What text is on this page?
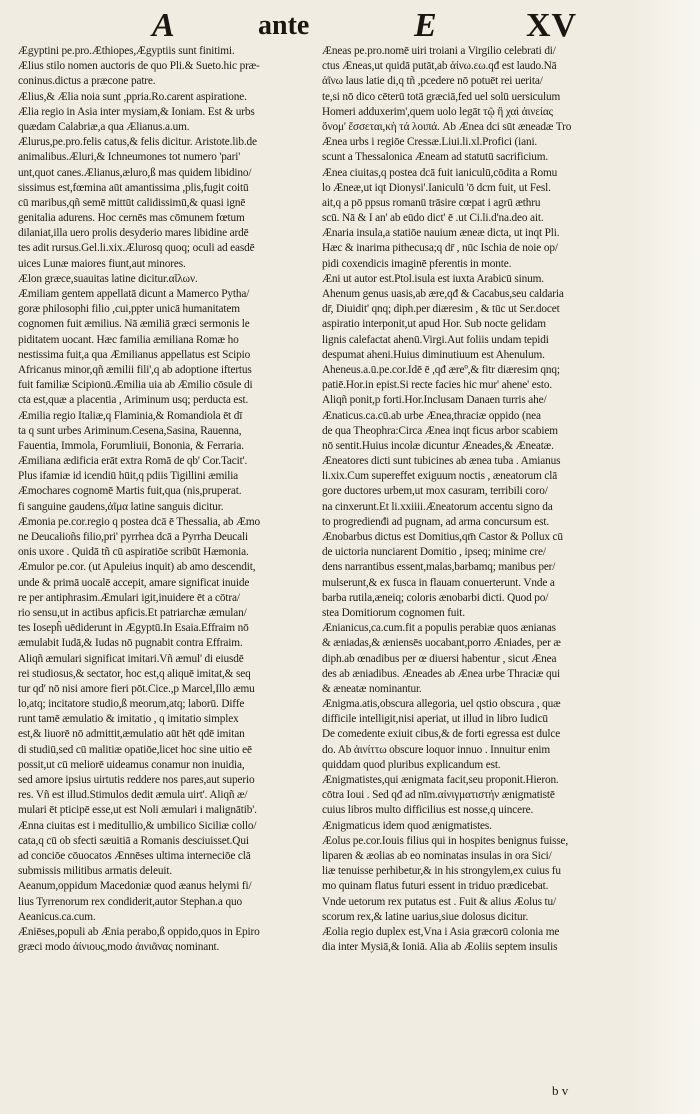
A	ante	E	XV
Ægyptini pe.pro.Æthiopes,Ægyptiis sunt finitimi.
Ælius stilo nomen auctoris de quo Pli.& Sueto.hic præ-
coninus.dictus a præcone patre.
Ælius,& Ælia noia sunt ,ppria.Ro.carent aspiratione.
Ælia regio in Asia inter mysiam,& Ioniam. Est & urbs
quædam Calabriæ,a qua Ælianus.a.um.
Ælurus,pe.pro.felis catus,& felis dicitur. Aristote.lib.de
animalibus.Æluri,& Ichneumones tot numero 'pari'
unt,quot canes.Ælianus,æluro,ß mas quidem libidino/
sissimus est,fœmina aūt amantissima ,plis,fugit coitū
cū maribus,qñ semē mittūt calidissimū,& quasi ignē
genitalia adurens. Hoc cernēs mas cōmunem fœtum
dilaniat,illa uero prolis desyderio mares libidine ardē
tes adit rursus.Gel.li.xix.Ælurosq quoq; oculi ad easdē
uices Lunæ maiores fiunt,aut minores.
Ælon græce,suauitas latine dicitur.αἴλων.
Æmiliam gentem appellatā dicunt a Mamerco Pytha/
goræ philosophi filio ,cui,ppter unicā humanitatem
cognomen fuit æmilius. Nā æmiliā græci sermonis le
piditatem uocant. Hæc familia æmiliana Romæ ho
nestissima fuit,a qua Æmilianus appellatus est Scipio
Africanus minor,qñ æmilii fili',q ab adoptione iftertus
fuit familiæ Scipionū.Æmilia uia ab Æmilio cōsule di
cta est,quæ a placentia , Ariminum usq; perducta est.
Æmilia regio Italiæ,q Flaminia,& Romandiola ēt dī
ta q sunt urbes Ariminum.Cesena,Sasina, Rauenna,
Fauentia, Immola, Forumliuii, Bononia, & Ferraria.
Æmiliana ædificia erāt extra Romā de qb' Cor.Tacit'.
Plus ifamiæ id icendiū hūit,q pdiis Tigillini æmilia
Æmochares cognomē Martis fuit,qua (nis,pruperat.
fi sanguine gaudens,ἀῖμα latine sanguis dicitur.
Æmonia pe.cor.regio q postea dcā ē Thessalia, ab Æmo
ne Deucalioñs filio,pri' pyrrhea dcā a Pyrrha Deucali
onis uxore . Quidā tñ cū aspiratiōe scribūt Hæmonia.
Æmulor pe.cor. (ut Apuleius inquit) ab amo descendit,
unde & primā uocalē accepit, amare significat inuide
re per antiphrasim.Æmulari igit,inuidere ēt a cōtra/
rio sensu,ut in actibus apficis.Et patriarchæ æmulan/
tes Iosepĥ uēdiderunt in Ægyptū.In Esaia.Effraim nō
æmulabit Iudā,& Iudas nō pugnabit contra Effraim.
Aliqñ æmulari significat imitari.Vñ æmul' di eiusdē
rei studiosus,& sectator, hoc est,q aliquē imitat,& seq
tur qd' nō nisi amore fieri pōt.Cice.,p Marcel,Illo æmu
lo,atq; incitatore studio,ß meorum,atq; laborū. Diffe
runt tamē æmulatio & imitatio , q imitatio simplex
est,& liuorē nō admittit,æmulatio aūt hēt qdē imitan
di studiū,sed cū malitiæ opatiōe,licet hoc sine uitio eē
possit,ut cū meliorē uideamus conamur non inuidia,
sed amore ipsius uirtutis reddere nos pares,aut superio
res. Vñ est illud.Stimulos dedit æmula uirt'. Aliqñ æ/
mulari ēt pticipē esse,ut est Noli æmulari i malignātib'.
Ænna ciuitas est i meditullio,& umbilico Siciliæ collo/
cata,q cū ob sfecti sæuitiā a Romanis desciuisset.Qui
ad conciōe cōuocatos Ænnēses ultima interneciōe clā
submissis militibus armatis deleuit.
Aeanum,oppidum Macedoniæ quod æanus helymi fi/
lius Tyrrenorum rex condiderit,autor Stephan.a quo
Aeanicus.ca.cum.
Æniēses,populi ab Ænia perabo,ß oppido,quos in Epiro
græci modo ἀίνιους,modo ἀινιᾶνας nominant.
Æneas pe.pro.nomē uiri troiani a Virgilio celebrati di/
ctus Æneas,ut quidā putāt,ab ἀίνω.εω.qđ est laudo.Nā
ἀῖνω laus latie di,q tñ ,pcedere nō potuēt rei uerita/
te,si nō dico cēterū totā græciā,fed uel solū uersiculum
Homeri adduxerim',quem uolo legāt τῷ ἢ χαὶ ἀινείας
ὄνομ' ἔσσεται,κὴ τά λοιπά. Ab Ænea dci sūt æneadæ Tro
Ænea urbs i regiōe Cressæ.Liui.li.xl.Profici (iani.
scunt a Thessalonica Æneam ad statutū sacrificium.
Ænea ciuitas,q postea dcā fuit ianiculū,cōdita a Romu
lo Æneæ,ut iqt Dionysi'.Ianiculū 'ō dcm fuit, ut Fesl.
ait,q a pō ppsus romanū trāsire cœpat i agrū æthru
scū. Nā & I an' ab eūdo dict' ē .ut Ci.li.d'na.deo ait.
Ænaria insula,a statiōe nauium æneæ dicta, ut inqt Pli.
Hæc & inarima pithecusa;q dr̄ , nūc Ischia de noie op/
pidi coxendicis imaginē pferentis in monte.
Æni ut autor est.Ptol.isula est iuxta Arabicū sinum.
Ahenum genus uasis,ab ære,qđ & Cacabus,seu caldaria
dr̄, Diuidit' qnq; diph.per diæresim , & tūc ut Ser.docet
aspiratio interponit,ut apud Hor. Sub nocte gelidam
lignis calefactat ahenū.Virgi.Aut foliis undam tepidi
despumat aheni.Huius diminutiuum est Ahenulum.
Aheneus.a.ū.pe.cor.Idē ē ,qđ æreº,& fitr diæresim qnq;
patiē.Hor.in epist.Si recte facies hic mur' ahene' esto.
Aliqñ ponit,p forti.Hor.Inclusam Danaen turris ahe/
Ænaticus.ca.cū.ab urbe Ænea,thraciæ oppido (nea
de qua Theophra:Circa Ænea inqt ficus arbor scabiem
nō sentit.Huius incolæ dicuntur Æneades,& Æneatæ.
Æneatores dicti sunt tubicines ab ænea tuba . Amianus
li.xix.Cum supereffet exiguum noctis , æneatorum clā
gore ductores urbem,ut mox casuram, terribili coro/
na cinxerunt.Et li.xxiiii.Æneatorum accentu signo da
to progredienđi ad pugnam, ad arma concursum est.
Ænobarbus dictus est Domitius,qm̄ Castor & Pollux cū
de uictoria nunciarent Domitio , ipseq; minime cre/
dens narrantibus essent,malas,barbamq; manibus per/
mulserunt,& ex fusca in flauam conuerterunt. Vnde a
barba rutila,æneiq; coloris ænobarbi dicti. Quod po/
stea Domitiorum cognomen fuit.
Ænianicus,ca.cum.fit a populis perabiæ quos ænianas
& æniadas,& æniensēs uocabant,porro Æniades, per æ
diph.ab œnadibus per œ diuersi habentur , sicut Ænea
des ab æniadibus. Æneades ab Ænea urbe Thraciæ qui
& æneatæ nominantur.
Ænigma.atis,obscura allegoria, uel qstio obscura , quæ
difficile intelligit,nisi aperiat, ut illud in libro Iudicū
De comedente exiuit cibus,& de forti egressa est dulce
do. Ab ἀινίττω obscure loquor innuo . Innuitur enim
quiddam quod pluribus explicandum est.
Ænigmatistes,qui ænigmata facit,seu proponit.Hieron.
cōtra Ioui . Sed qđ ad nīm.αἰνιγματιστήν ænigmatistē
cuius libros multo difficilius est nosse,q uincere.
Ænigmaticus idem quod ænigmatistes.
Æolus pe.cor.Iouis filius qui in hospites benignus fuisse,
liparen & æolias ab eo nominatas insulas in ora Sici/
liæ tenuisse perhibetur,& in his strongylem,ex cuius fu
mo quinam flatus futuri essent in triduo prædicebat.
Vnde uetorum rex putatus est . Fuit & alius Æolus tu/
scorum rex,& latine uarius,siue dolosus dicitur.
Æolia regio duplex est,Vna i Asia græcorū colonia me
dia inter Mysiā,& Ioniā. Alia ab Æoliis septem insulis
b v
